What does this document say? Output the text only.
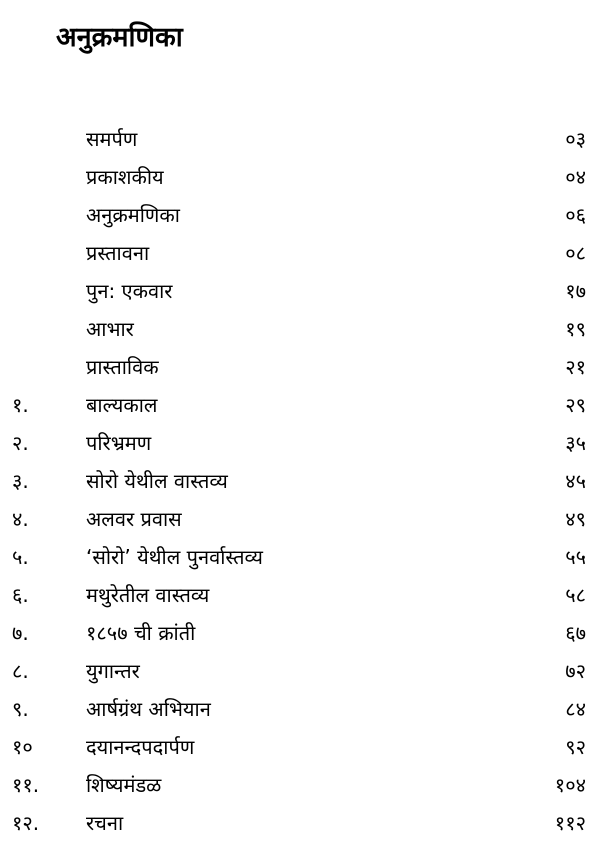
अनुक्रमणिका
समर्पण	०३
प्रकाशकीय	०४
अनुक्रमणिका	०६
प्रस्तावना	०८
पुन: एकवार	१७
आभार	१९
प्रास्ताविक	२१
१.	बाल्यकाल	२९
२.	परिभ्रमण	३५
३.	सोरो येथील वास्तव्य	४५
४.	अलवर प्रवास	४९
५.	‘सोरो’ येथील पुनर्वास्तव्य	५५
६.	मथुरेतील वास्तव्य	५८
७.	१८५७ ची क्रांती	६७
८.	युगान्तर	७२
९.	आर्षग्रंथ अभियान	८४
१०	दयानन्दपदार्पण	९२
११. शिष्यमंडळ	१०४
१२. रचना	११२
